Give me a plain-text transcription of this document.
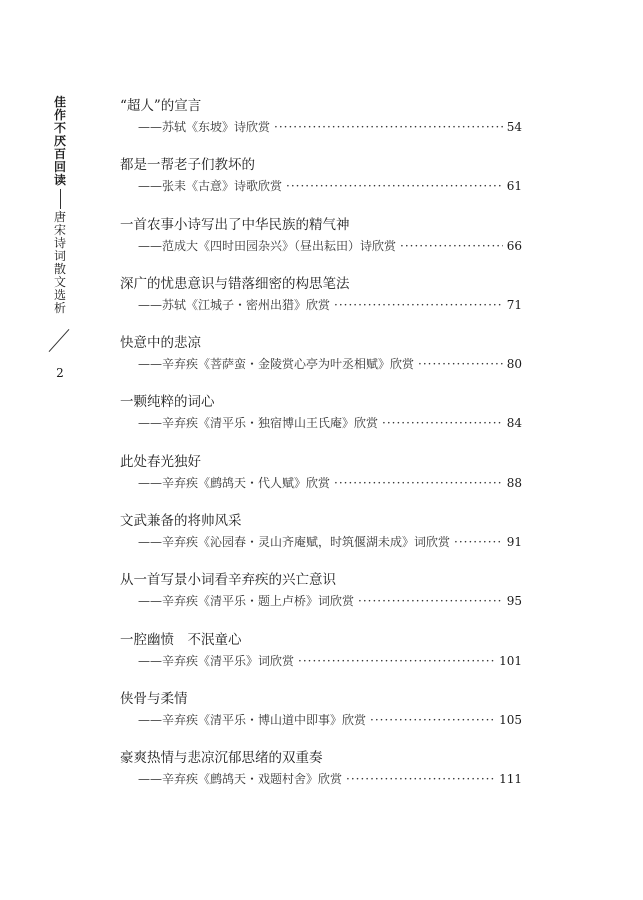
佳
作
不
厌
百
回
读
唐
宋
诗
词
散
文
选
析
2
“超人”的宣言
——苏轼《东坡》诗欣赏 ·····	54
都是一帮老子们教坏的
——张耒《古意》诗歌欣赏 ·····	61
一首农事小诗写出了中华民族的精气神
——范成大《四时田园杂兴》（昼出耘田）诗欣赏 ·····	66
深广的忧患意识与错落细密的构思笔法
——苏轼《江城子・密州出猎》欣赏 ·····	71
快意中的悲凉
——辛弃疾《菩萨蛮・金陵赏心亭为叶丞相赋》欣赏 ·····	80
一颗纯粹的词心
——辛弃疾《清平乐・独宿博山王氏庵》欣赏 ·····	84
此处春光独好
——辛弃疾《鹧鸪天・代人赋》欣赏 ·····	88
文武兼备的将帅风采
——辛弃疾《沁园春・灵山齐庵赋，时筑偃湖未成》词欣赏 ·····	91
从一首写景小词看辛弃疾的兴亡意识
——辛弃疾《清平乐・题上卢桥》词欣赏 ·····	95
一腔幽愤　不泯童心
——辛弃疾《清平乐》词欣赏 ·····	101
侠骨与柔情
——辛弃疾《清平乐・博山道中即事》欣赏 ·····	105
豪爽热情与悲凉沉郁思绪的双重奏
——辛弃疾《鹧鸪天・戏题村舍》欣赏 ·····	111
